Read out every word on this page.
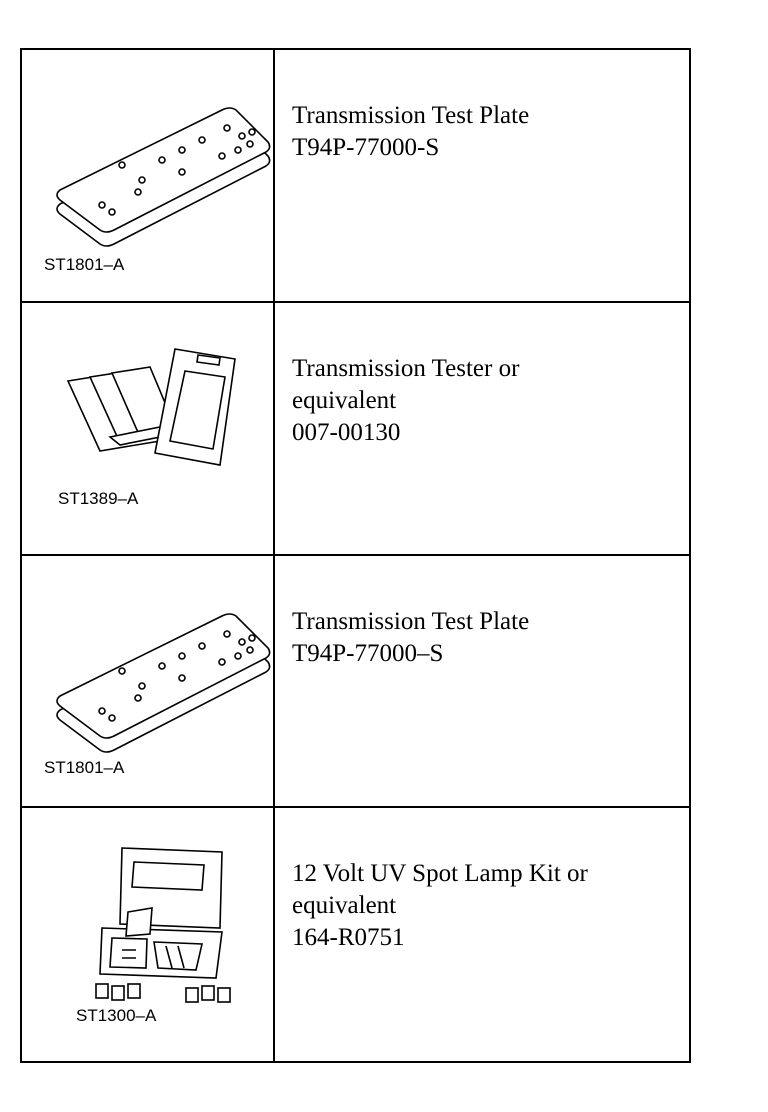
ST1801–A
Transmission Test Plate
T94P-77000-S
ST1389–A
Transmission Tester or
equivalent
007-00130
ST1801–A
Transmission Test Plate
T94P-77000–S
ST1300–A
12 Volt UV Spot Lamp Kit or
equivalent
164-R0751
